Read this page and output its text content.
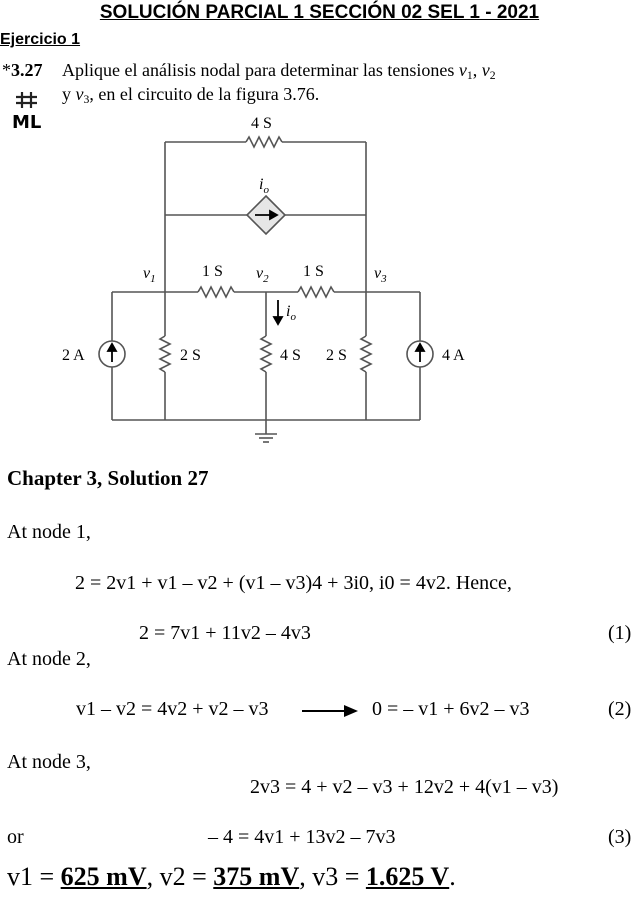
SOLUCIÓN PARCIAL 1 SECCIÓN 02 SEL 1 - 2021
Ejercicio 1
*3.27 Aplique el análisis nodal para determinar las tensiones $v_1$, $v_2$
y $v_3$, en el circuito de la figura 3.76.
ML	4 S
$i_o$
$v_1$	$v_2$	$v_3$
1 S	1 S
$i_o$
2 A	4 A
2 S	4 S 2 S
Chapter 3, Solution 27
At node 1,
2 = 2v1 + v1 – v2 + (v1 – v3)4 + 3i0, i0 = 4v2. Hence,
2 = 7v1 + 11v2 – 4v3	(1)
At node 2,
v1 – v2 = 4v2 + v2 – v3	0 = – v1 + 6v2 – v3	(2)
At node 3,
2v3 = 4 + v2 – v3 + 12v2 + 4(v1 – v3)
or	– 4 = 4v1 + 13v2 – 7v3	(3)
v1 = 625 mV, v2 = 375 mV, v3 = 1.625 V.
